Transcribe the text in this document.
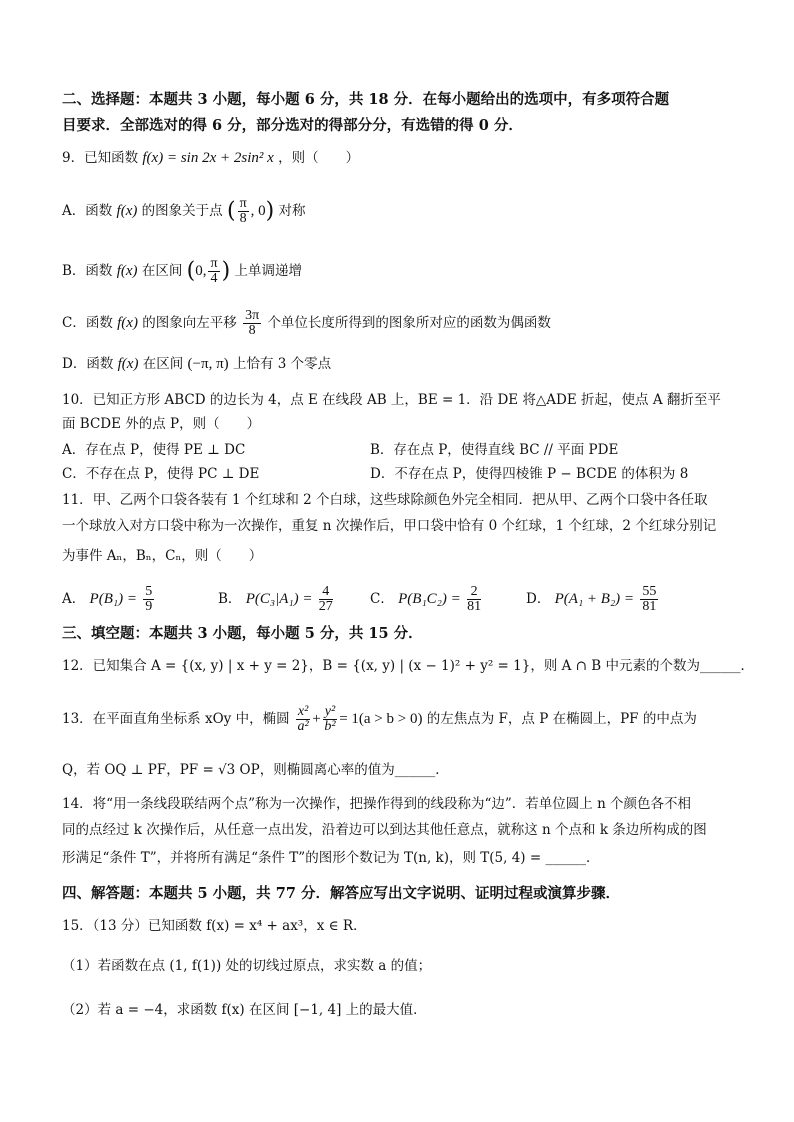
二、选择题：本题共 3 小题，每小题 6 分，共 18 分．在每小题给出的选项中，有多项符合题
目要求．全部选对的得 6 分，部分选对的得部分分，有选错的得 0 分．
9．已知函数 f(x) = sin 2x + 2sin² x ，则（　　）
A．函数 f(x) 的图象关于点 ( $\frac{\pi}{8}$ , 0) 对称
B．函数 f(x) 在区间 (0, $\frac{\pi}{4}$ ) 上单调递增
C．函数 f(x) 的图象向左平移 $\frac{3\pi}{8}$ 个单位长度所得到的图象所对应的函数为偶函数
D．函数 f(x) 在区间 (−π, π) 上恰有 3 个零点
10．已知正方形 ABCD 的边长为 4，点 E 在线段 AB 上，BE = 1．沿 DE 将△ADE 折起，使点 A 翻折至平
面 BCDE 外的点 P，则（　　）
A．存在点 P，使得 PE ⊥ DC	B．存在点 P，使得直线 BC // 平面 PDE
C．不存在点 P，使得 PC ⊥ DE	D．不存在点 P，使得四棱锥 P − BCDE 的体积为 8
11．甲、乙两个口袋各装有 1 个红球和 2 个白球，这些球除颜色外完全相同．把从甲、乙两个口袋中各任取
一个球放入对方口袋中称为一次操作，重复 n 次操作后，甲口袋中恰有 0 个红球，1 个红球，2 个红球分别记
为事件 Aₙ，Bₙ，Cₙ，则（　　）
A． $P(B_1) = \frac{5}{9}$	B． $P(C_3|A_1) = \frac{4}{27}$	C． $P(B_1C_2) = \frac{2}{81}$	D． $P(A_1 + B_2) = \frac{55}{81}$
三、填空题：本题共 3 小题，每小题 5 分，共 15 分．
12．已知集合 A = {(x, y) | x + y = 2}，B = {(x, y) | (x − 1)² + y² = 1}，则 A ∩ B 中元素的个数为______．
13．在平面直角坐标系 xOy 中，椭圆 $\frac{\text{x²}}{\text{a²}} + \frac{\text{y²}}{\text{b²}} = 1(a > b > 0)$ 的左焦点为 F，点 P 在椭圆上，PF 的中点为
Q，若 OQ ⊥ PF，PF = √3 OP，则椭圆离心率的值为______．
14．将“用一条线段联结两个点”称为一次操作，把操作得到的线段称为“边”．若单位圆上 n 个颜色各不相
同的点经过 k 次操作后，从任意一点出发，沿着边可以到达其他任意点，就称这 n 个点和 k 条边所构成的图
形满足“条件 T”，并将所有满足“条件 T”的图形个数记为 T(n, k)，则 T(5, 4) = ______．
四、解答题：本题共 5 小题，共 77 分．解答应写出文字说明、证明过程或演算步骤．
15．（13 分）已知函数 f(x) = x⁴ + ax³，x ∈ R．
（1）若函数在点 (1, f(1)) 处的切线过原点，求实数 a 的值；
（2）若 a = −4，求函数 f(x) 在区间 [−1, 4] 上的最大值．
